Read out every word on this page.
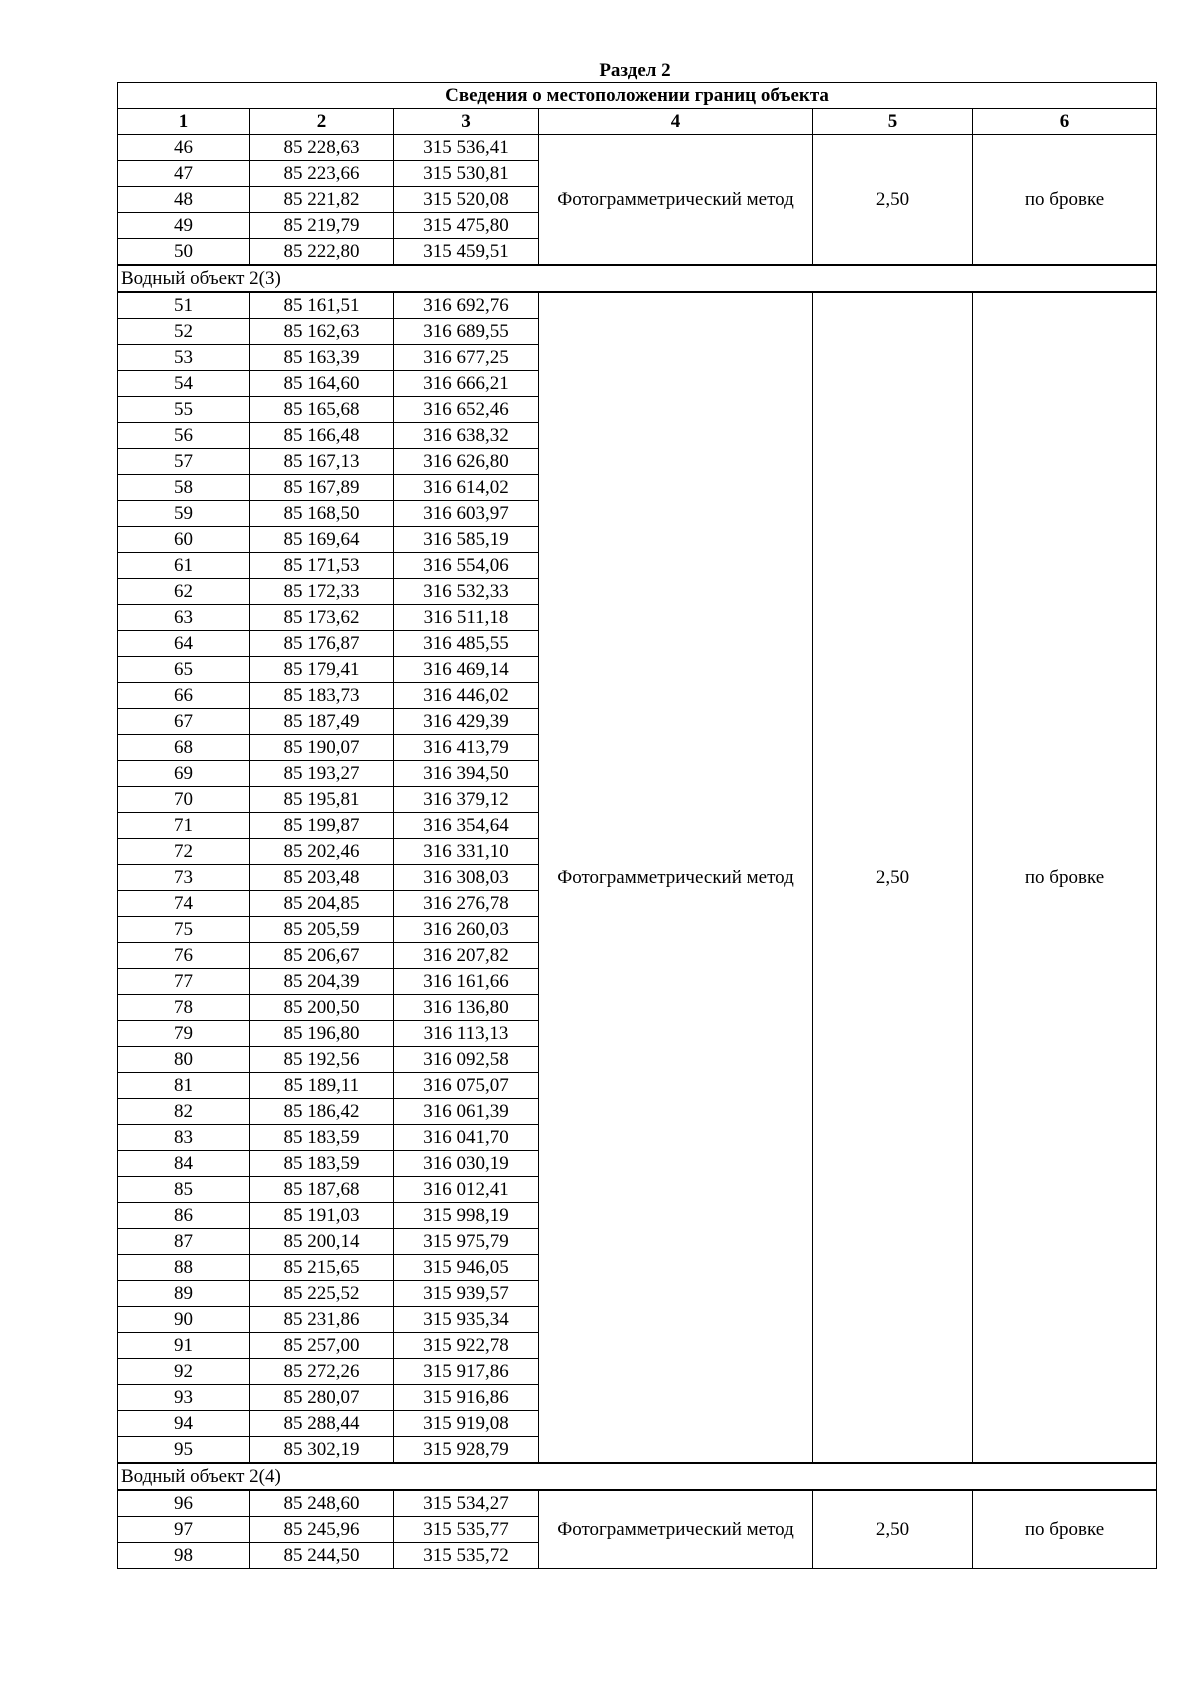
Раздел 2
Сведения о местоположении границ объекта					
1	2	3	4	5	6
46	85 228,63	315 536,41	Фотограмметрический метод	2,50	по бровке
47	85 223,66	315 530,81			
48	85 221,82	315 520,08			
49	85 219,79	315 475,80			
50	85 222,80	315 459,51			
Водный объект 2(3)					
51	85 161,51	316 692,76	Фотограмметрический метод	2,50	по бровке
52	85 162,63	316 689,55			
53	85 163,39	316 677,25			
54	85 164,60	316 666,21			
55	85 165,68	316 652,46			
56	85 166,48	316 638,32			
57	85 167,13	316 626,80			
58	85 167,89	316 614,02			
59	85 168,50	316 603,97			
60	85 169,64	316 585,19			
61	85 171,53	316 554,06			
62	85 172,33	316 532,33			
63	85 173,62	316 511,18			
64	85 176,87	316 485,55			
65	85 179,41	316 469,14			
66	85 183,73	316 446,02			
67	85 187,49	316 429,39			
68	85 190,07	316 413,79			
69	85 193,27	316 394,50			
70	85 195,81	316 379,12			
71	85 199,87	316 354,64			
72	85 202,46	316 331,10			
73	85 203,48	316 308,03			
74	85 204,85	316 276,78			
75	85 205,59	316 260,03			
76	85 206,67	316 207,82			
77	85 204,39	316 161,66			
78	85 200,50	316 136,80			
79	85 196,80	316 113,13			
80	85 192,56	316 092,58			
81	85 189,11	316 075,07			
82	85 186,42	316 061,39			
83	85 183,59	316 041,70			
84	85 183,59	316 030,19			
85	85 187,68	316 012,41			
86	85 191,03	315 998,19			
87	85 200,14	315 975,79			
88	85 215,65	315 946,05			
89	85 225,52	315 939,57			
90	85 231,86	315 935,34			
91	85 257,00	315 922,78			
92	85 272,26	315 917,86			
93	85 280,07	315 916,86			
94	85 288,44	315 919,08			
95	85 302,19	315 928,79			
Водный объект 2(4)					
96	85 248,60	315 534,27	Фотограмметрический метод	2,50	по бровке
97	85 245,96	315 535,77			
98	85 244,50	315 535,72			
